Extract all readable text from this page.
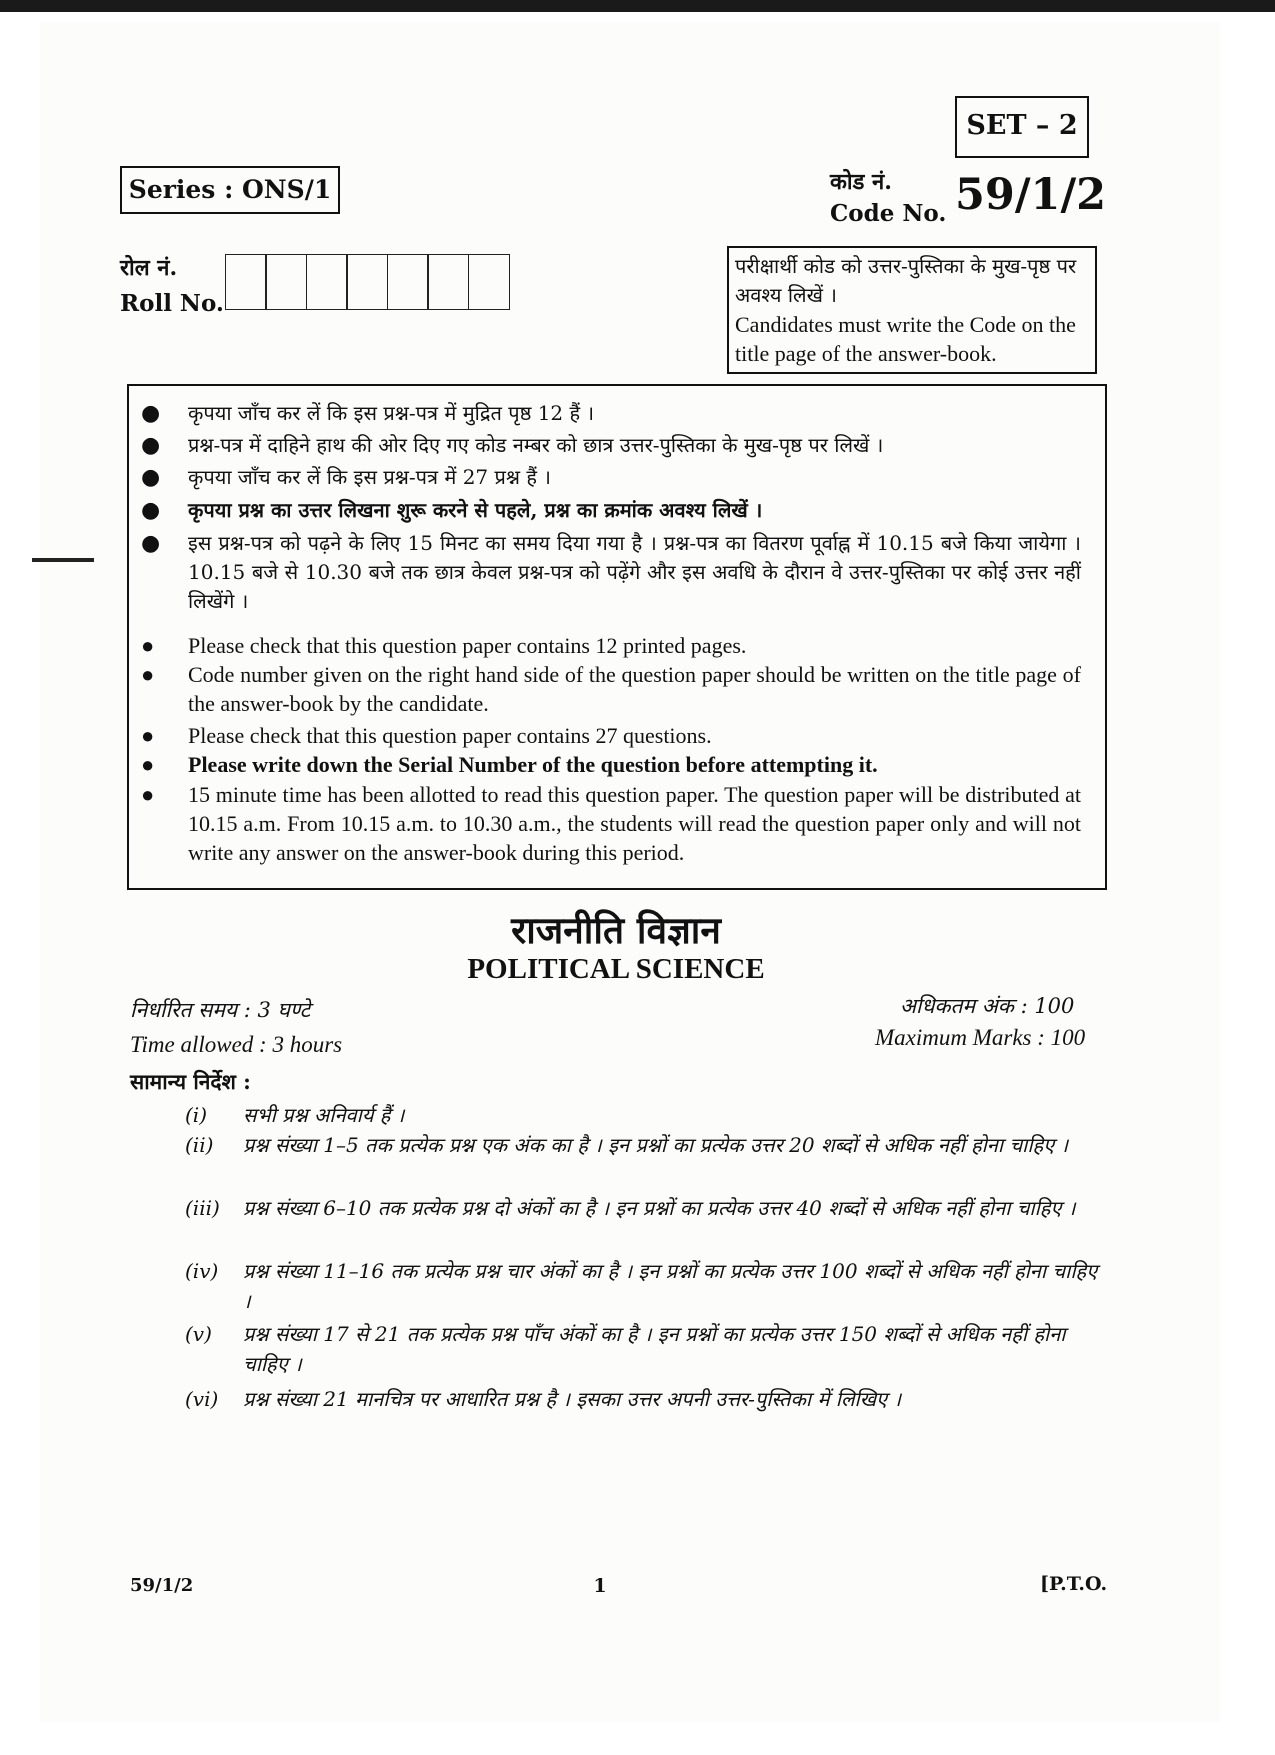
SET – 2
Series : ONS/1	कोड नं.
Code No. 59/1/2
रोल नं.
Roll No.
परीक्षार्थी कोड को उत्तर-पुस्तिका के मुख-पृष्ठ पर अवश्य लिखें ।
Candidates must write the Code on the title page of the answer-book.
● कृपया जाँच कर लें कि इस प्रश्न-पत्र में मुद्रित पृष्ठ 12 हैं ।
● प्रश्न-पत्र में दाहिने हाथ की ओर दिए गए कोड नम्बर को छात्र उत्तर-पुस्तिका के मुख-पृष्ठ पर लिखें ।
● कृपया जाँच कर लें कि इस प्रश्न-पत्र में 27 प्रश्न हैं ।
● कृपया प्रश्न का उत्तर लिखना शुरू करने से पहले, प्रश्न का क्रमांक अवश्य लिखें ।
● इस प्रश्न-पत्र को पढ़ने के लिए 15 मिनट का समय दिया गया है । प्रश्न-पत्र का वितरण पूर्वाह्न में 10.15 बजे किया जायेगा । 10.15 बजे से 10.30 बजे तक छात्र केवल प्रश्न-पत्र को पढ़ेंगे और इस अवधि के दौरान वे उत्तर-पुस्तिका पर कोई उत्तर नहीं लिखेंगे ।
● Please check that this question paper contains 12 printed pages.
● Code number given on the right hand side of the question paper should be written on the title page of the answer-book by the candidate.
● Please check that this question paper contains 27 questions.
● Please write down the Serial Number of the question before attempting it.
● 15 minute time has been allotted to read this question paper. The question paper will be distributed at 10.15 a.m. From 10.15 a.m. to 10.30 a.m., the students will read the question paper only and will not write any answer on the answer-book during this period.
राजनीति विज्ञान
POLITICAL SCIENCE
निर्धारित समय : 3 घण्टे
Time allowed : 3 hours
अधिकतम अंक : 100
Maximum Marks : 100
सामान्य निर्देश :
(i)	सभी प्रश्न अनिवार्य हैं ।
(ii)	प्रश्न संख्या 1–5 तक प्रत्येक प्रश्न एक अंक का है । इन प्रश्नों का प्रत्येक उत्तर 20 शब्दों से अधिक नहीं होना चाहिए ।
(iii)	प्रश्न संख्या 6–10 तक प्रत्येक प्रश्न दो अंकों का है । इन प्रश्नों का प्रत्येक उत्तर 40 शब्दों से अधिक नहीं होना चाहिए ।
(iv)	प्रश्न संख्या 11–16 तक प्रत्येक प्रश्न चार अंकों का है । इन प्रश्नों का प्रत्येक उत्तर 100 शब्दों से अधिक नहीं होना चाहिए ।
(v)	प्रश्न संख्या 17 से 21 तक प्रत्येक प्रश्न पाँच अंकों का है । इन प्रश्नों का प्रत्येक उत्तर 150 शब्दों से अधिक नहीं होना चाहिए ।
(vi)	प्रश्न संख्या 21 मानचित्र पर आधारित प्रश्न है । इसका उत्तर अपनी उत्तर-पुस्तिका में लिखिए ।
59/1/2	1	[P.T.O.
